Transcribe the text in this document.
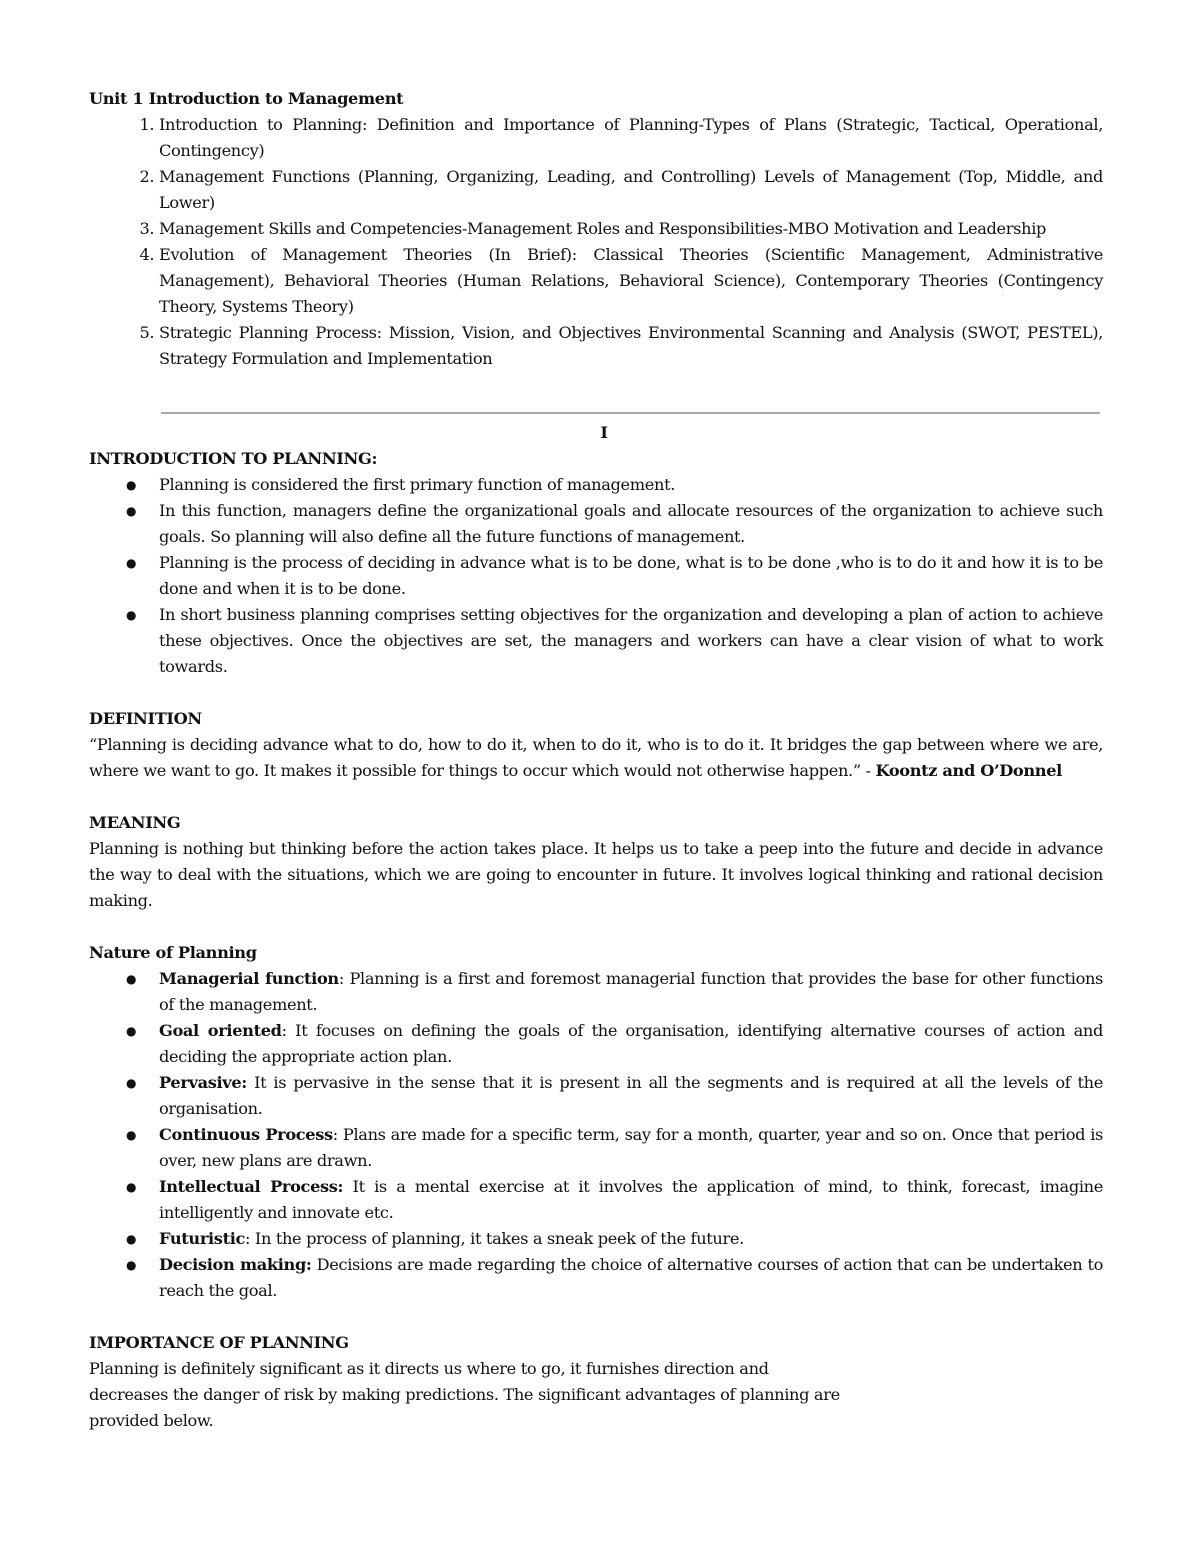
Unit 1 Introduction to Management

1. Introduction to Planning: Definition and Importance of Planning-Types of Plans (Strategic, Tactical, Operational, Contingency)
2. Management Functions (Planning, Organizing, Leading, and Controlling) Levels of Management (Top, Middle, and Lower)
3. Management Skills and Competencies-Management Roles and Responsibilities-MBO Motivation and Leadership
4. Evolution of Management Theories (In Brief): Classical Theories (Scientific Management, Administrative Management), Behavioral Theories (Human Relations, Behavioral Science), Contemporary Theories (Contingency Theory, Systems Theory)
5. Strategic Planning Process: Mission, Vision, and Objectives Environmental Scanning and Analysis (SWOT, PESTEL), Strategy Formulation and Implementation
I

INTRODUCTION TO PLANNING:

● Planning is considered the first primary function of management.
● In this function, managers define the organizational goals and allocate resources of the organization to achieve such goals. So planning will also define all the future functions of management.
● Planning is the process of deciding in advance what is to be done, what is to be done ,who is to do it and how it is to be done and when it is to be done.
● In short business planning comprises setting objectives for the organization and developing a plan of action to achieve these objectives. Once the objectives are set, the managers and workers can have a clear vision of what to work towards.

DEFINITION

“Planning is deciding advance what to do, how to do it, when to do it, who is to do it. It bridges the gap between where we are, where we want to go. It makes it possible for things to occur which would not otherwise happen.” - Koontz and O’Donnel

MEANING

Planning is nothing but thinking before the action takes place. It helps us to take a peep into the future and decide in advance the way to deal with the situations, which we are going to encounter in future. It involves logical thinking and rational decision making.

Nature of Planning

● Managerial function: Planning is a first and foremost managerial function that provides the base for other functions of the management.
● Goal oriented: It focuses on defining the goals of the organisation, identifying alternative courses of action and deciding the appropriate action plan.
● Pervasive: It is pervasive in the sense that it is present in all the segments and is required at all the levels of the organisation.
● Continuous Process: Plans are made for a specific term, say for a month, quarter, year and so on. Once that period is over, new plans are drawn.
● Intellectual Process: It is a mental exercise at it involves the application of mind, to think, forecast, imagine intelligently and innovate etc.
● Futuristic: In the process of planning, it takes a sneak peek of the future.
● Decision making: Decisions are made regarding the choice of alternative courses of action that can be undertaken to reach the goal.

IMPORTANCE OF PLANNING

Planning is definitely significant as it directs us where to go, it furnishes direction and decreases the danger of risk by making predictions. The significant advantages of planning are provided below.
